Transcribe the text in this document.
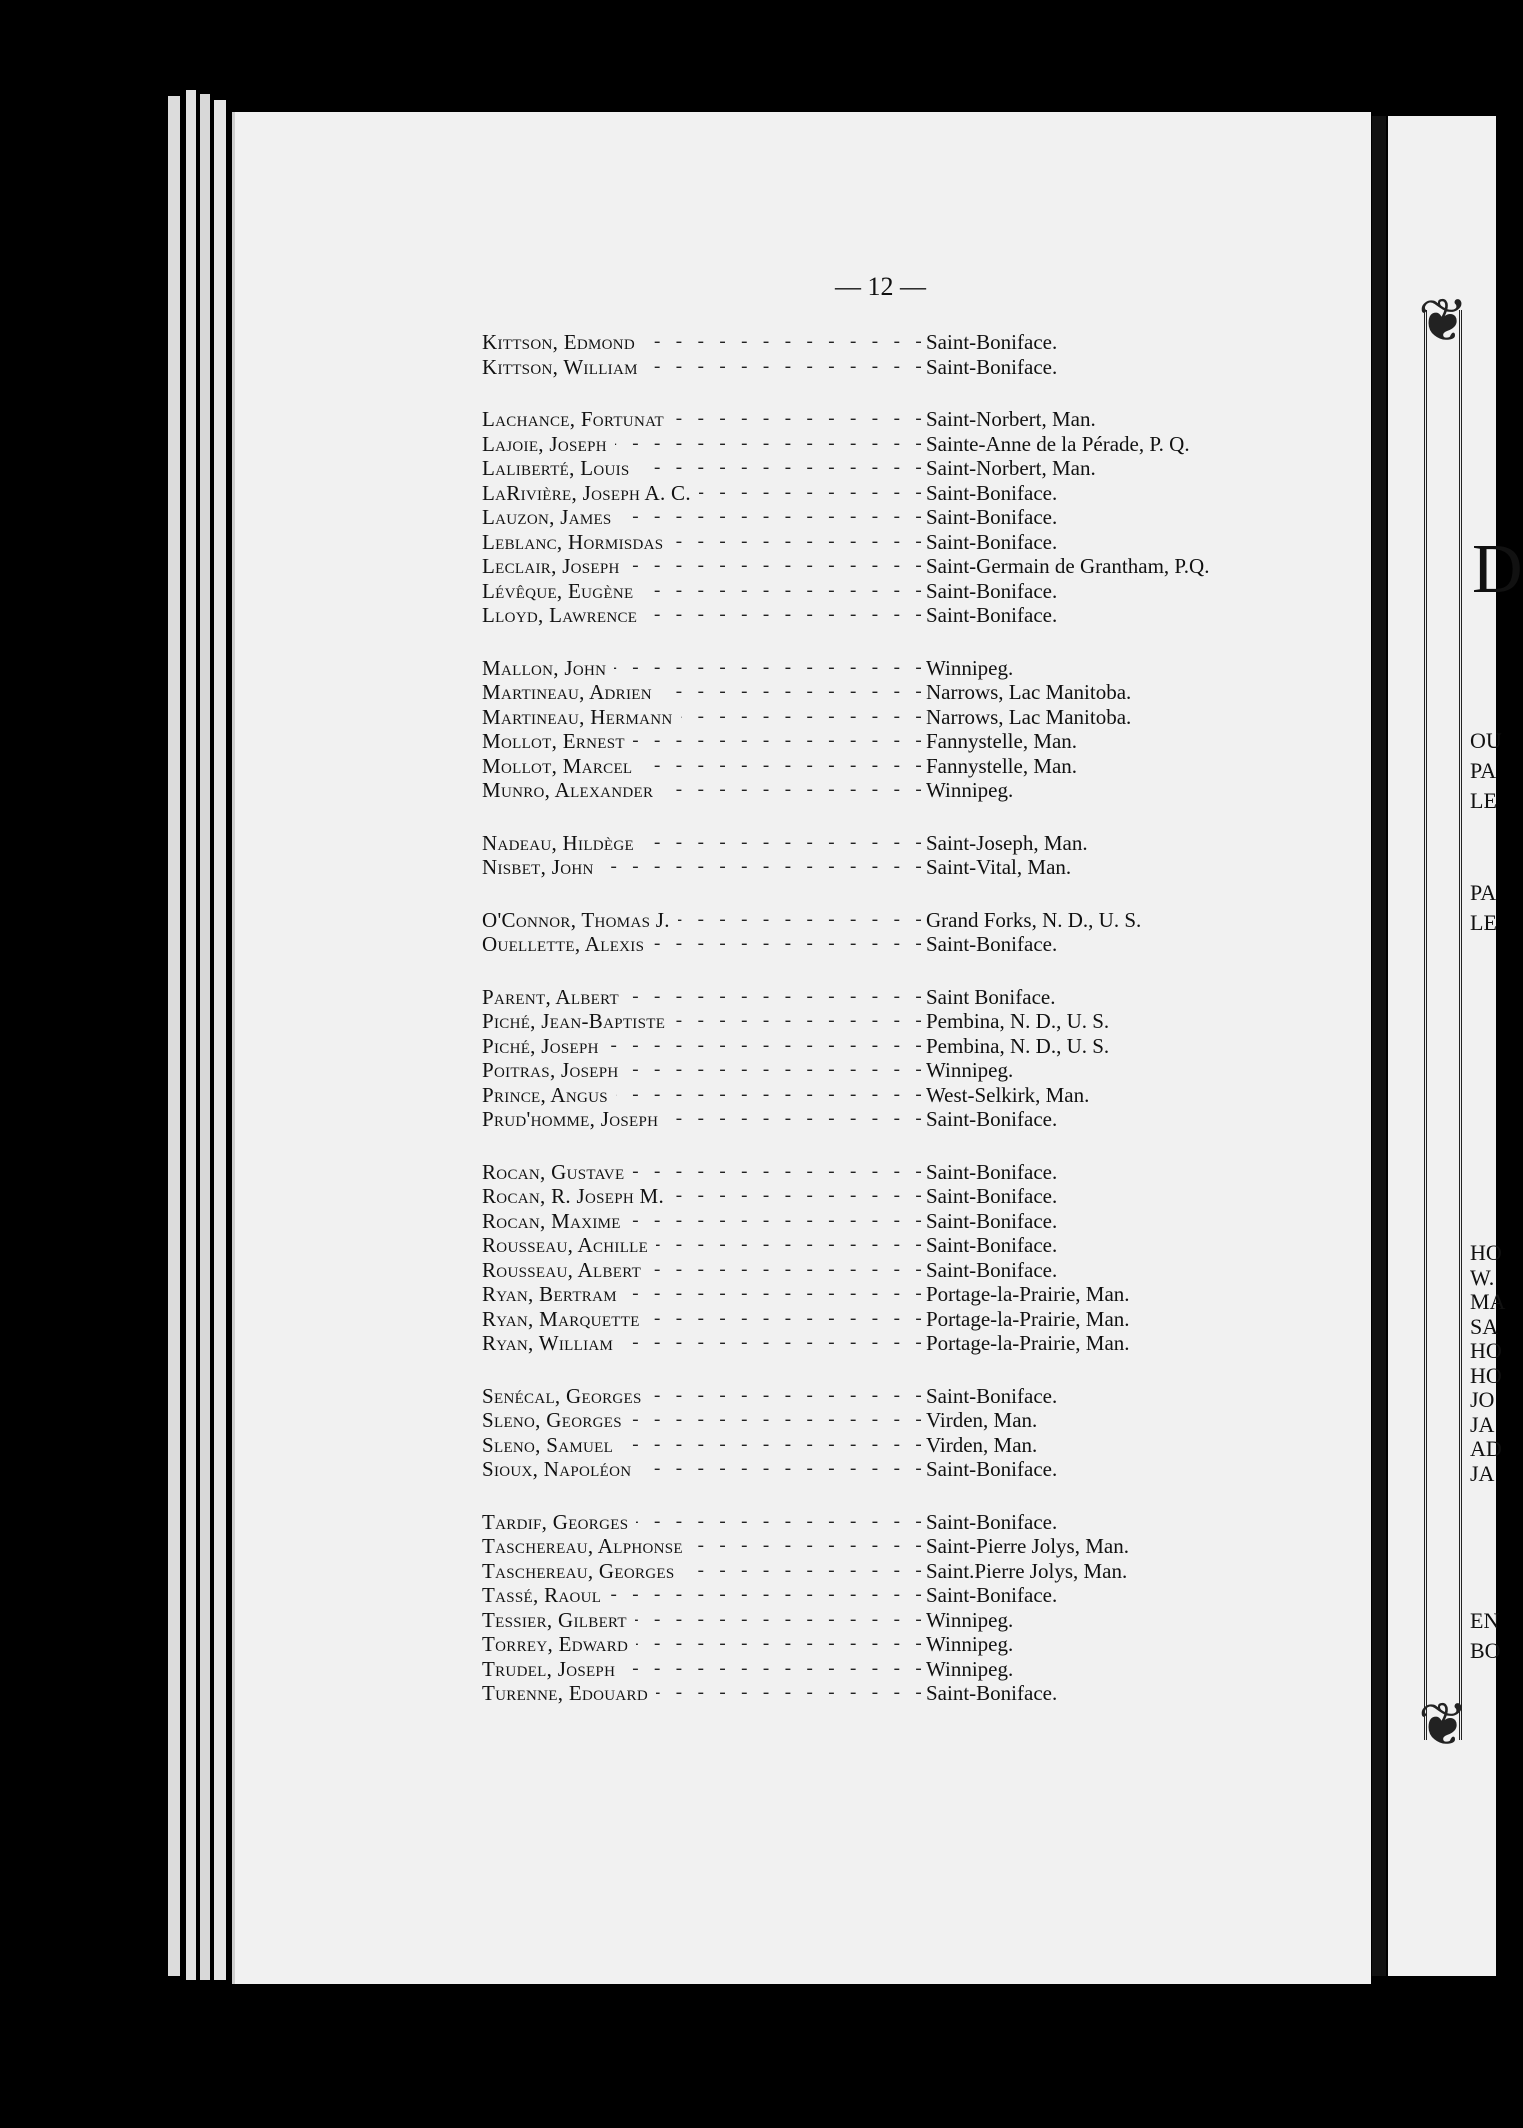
— 12 —
Kittson, Edmond - -	Saint-Boniface.
Kittson, William - -	Saint-Boniface.
Lachance, Fortunat - -	Saint-Norbert, Man.
Lajoie, Joseph - -	Sainte-Anne de la Pérade, P. Q.
Laliberté, Louis - -	Saint-Norbert, Man.
LaRivière, Joseph A. C. - -	Saint-Boniface.
Lauzon, James - -	Saint-Boniface.
Leblanc, Hormisdas - -	Saint-Boniface.
Leclair, Joseph - -	Saint-Germain de Grantham, P.Q.
Lévêque, Eugène - -	Saint-Boniface.
Lloyd, Lawrence - -	Saint-Boniface.
Mallon, John - -	Winnipeg.
Martineau, Adrien - -	Narrows, Lac Manitoba.
Martineau, Hermann - -	Narrows, Lac Manitoba.
Mollot, Ernest - -	Fannystelle, Man.
Mollot, Marcel - -	Fannystelle, Man.
Munro, Alexander - -	Winnipeg.
Nadeau, Hildège - -	Saint-Joseph, Man.
Nisbet, John - -	Saint-Vital, Man.
O'Connor, Thomas J. - -	Grand Forks, N. D., U. S.
Ouellette, Alexis - -	Saint-Boniface.
Parent, Albert - -	Saint Boniface.
Piché, Jean-Baptiste - -	Pembina, N. D., U. S.
Piché, Joseph - -	Pembina, N. D., U. S.
Poitras, Joseph - -	Winnipeg.
Prince, Angus - -	West-Selkirk, Man.
Prud'homme, Joseph - -	Saint-Boniface.
Rocan, Gustave - -	Saint-Boniface.
Rocan, R. Joseph M. - -	Saint-Boniface.
Rocan, Maxime - -	Saint-Boniface.
Rousseau, Achille - -	Saint-Boniface.
Rousseau, Albert - -	Saint-Boniface.
Ryan, Bertram - -	Portage-la-Prairie, Man.
Ryan, Marquette - -	Portage-la-Prairie, Man.
Ryan, William - -	Portage-la-Prairie, Man.
Senécal, Georges - -	Saint-Boniface.
Sleno, Georges - -	Virden, Man.
Sleno, Samuel - -	Virden, Man.
Sioux, Napoléon - -	Saint-Boniface.
Tardif, Georges - -	Saint-Boniface.
Taschereau, Alphonse - -	Saint-Pierre Jolys, Man.
Taschereau, Georges - -	Saint.Pierre Jolys, Man.
Tassé, Raoul - -	Saint-Boniface.
Tessier, Gilbert - -	Winnipeg.
Torrey, Edward - -	Winnipeg.
Trudel, Joseph - -	Winnipeg.
Turenne, Edouard - -	Saint-Boniface.
❦
❦
D
OU
PA
LE
PA
LE
HO
W.
MA
SA
HO
HO
JO
JA
AD
JA
EN
BO
